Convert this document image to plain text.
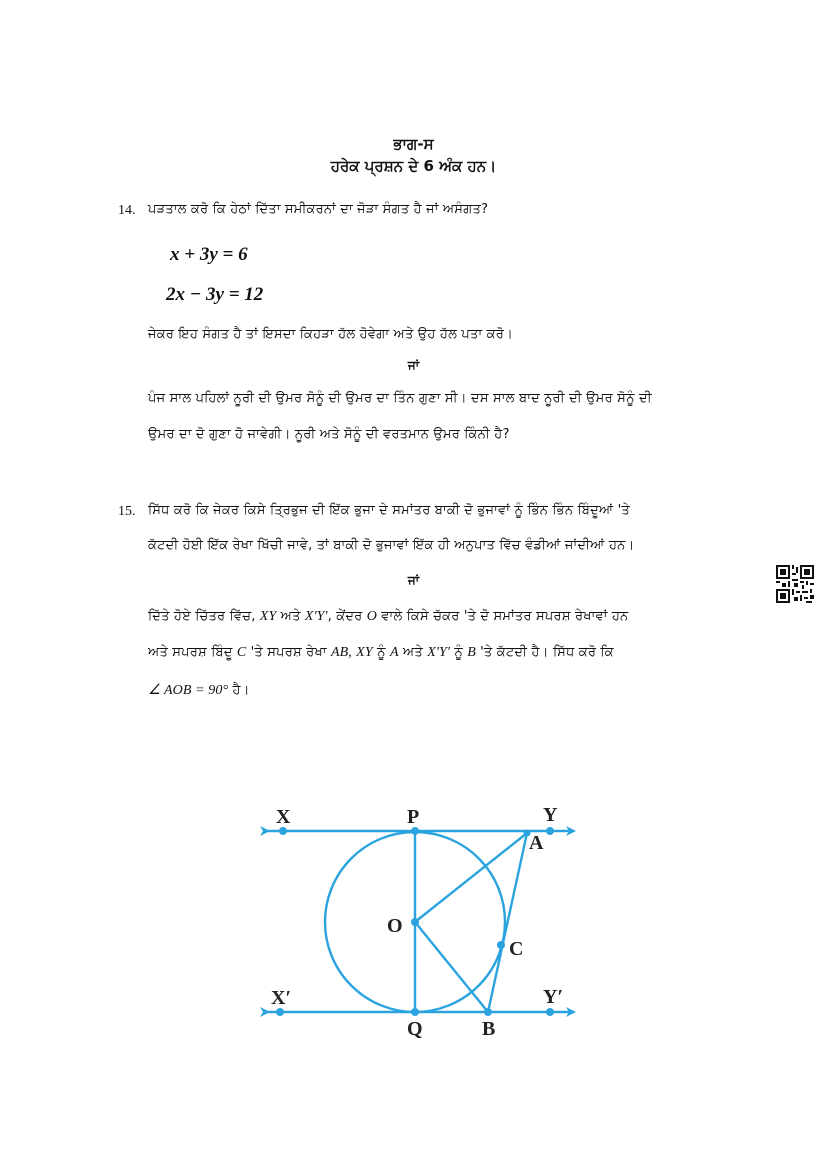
ਭਾਗ-ਸ
ਹਰੇਕ ਪ੍ਰਸ਼ਨ ਦੇ 6 ਅੰਕ ਹਨ।
14. ਪੜਤਾਲ ਕਰੋ ਕਿ ਹੇਠਾਂ ਦਿੱਤਾ ਸਮੀਕਰਨਾਂ ਦਾ ਜੋੜਾ ਸੰਗਤ ਹੈ ਜਾਂ ਅਸੰਗਤ?
x + 3y = 6
2x − 3y = 12
ਜੇਕਰ ਇਹ ਸੰਗਤ ਹੈ ਤਾਂ ਇਸਦਾ ਕਿਹੜਾ ਹੱਲ ਹੋਵੇਗਾ ਅਤੇ ਉਹ ਹੱਲ ਪਤਾ ਕਰੋ।
ਜਾਂ
ਪੰਜ ਸਾਲ ਪਹਿਲਾਂ ਨੂਰੀ ਦੀ ਉਮਰ ਸੋਨੂੰ ਦੀ ਉਮਰ ਦਾ ਤਿੰਨ ਗੁਣਾ ਸੀ। ਦਸ ਸਾਲ ਬਾਦ ਨੂਰੀ ਦੀ ਉਮਰ ਸੋਨੂੰ ਦੀ
ਉਮਰ ਦਾ ਦੋ ਗੁਣਾ ਹੋ ਜਾਵੇਗੀ। ਨੂਰੀ ਅਤੇ ਸੋਨੂੰ ਦੀ ਵਰਤਮਾਨ ਉਮਰ ਕਿੰਨੀ ਹੈ?
15. ਸਿੱਧ ਕਰੋ ਕਿ ਜੇਕਰ ਕਿਸੇ ਤ੍ਰਿਭੁਜ ਦੀ ਇੱਕ ਭੁਜਾ ਦੇ ਸਮਾਂਤਰ ਬਾਕੀ ਦੋ ਭੁਜਾਵਾਂ ਨੂੰ ਭਿੰਨ ਭਿੰਨ ਬਿੰਦੂਆਂ 'ਤੇ
ਕੱਟਦੀ ਹੋਈ ਇੱਕ ਰੇਖਾ ਖਿੱਚੀ ਜਾਵੇ, ਤਾਂ ਬਾਕੀ ਦੋ ਭੁਜਾਵਾਂ ਇੱਕ ਹੀ ਅਨੁਪਾਤ ਵਿੱਚ ਵੰਡੀਆਂ ਜਾਂਦੀਆਂ ਹਨ।
ਜਾਂ
ਦਿੱਤੇ ਹੋਏ ਚਿੱਤਰ ਵਿੱਚ, XY ਅਤੇ X'Y', ਕੇਂਦਰ O ਵਾਲੇ ਕਿਸੇ ਚੱਕਰ 'ਤੇ ਦੋ ਸਮਾਂਤਰ ਸਪਰਸ਼ ਰੇਖਾਵਾਂ ਹਨ
ਅਤੇ ਸਪਰਸ਼ ਬਿੰਦੂ C 'ਤੇ ਸਪਰਸ਼ ਰੇਖਾ AB, XY ਨੂੰ A ਅਤੇ X'Y' ਨੂੰ B 'ਤੇ ਕੱਟਦੀ ਹੈ। ਸਿੱਧ ਕਰੋ ਕਿ
∠ AOB = 90° ਹੈ।
X	P	Y
A
O
C
X′	Y′
Q	B
